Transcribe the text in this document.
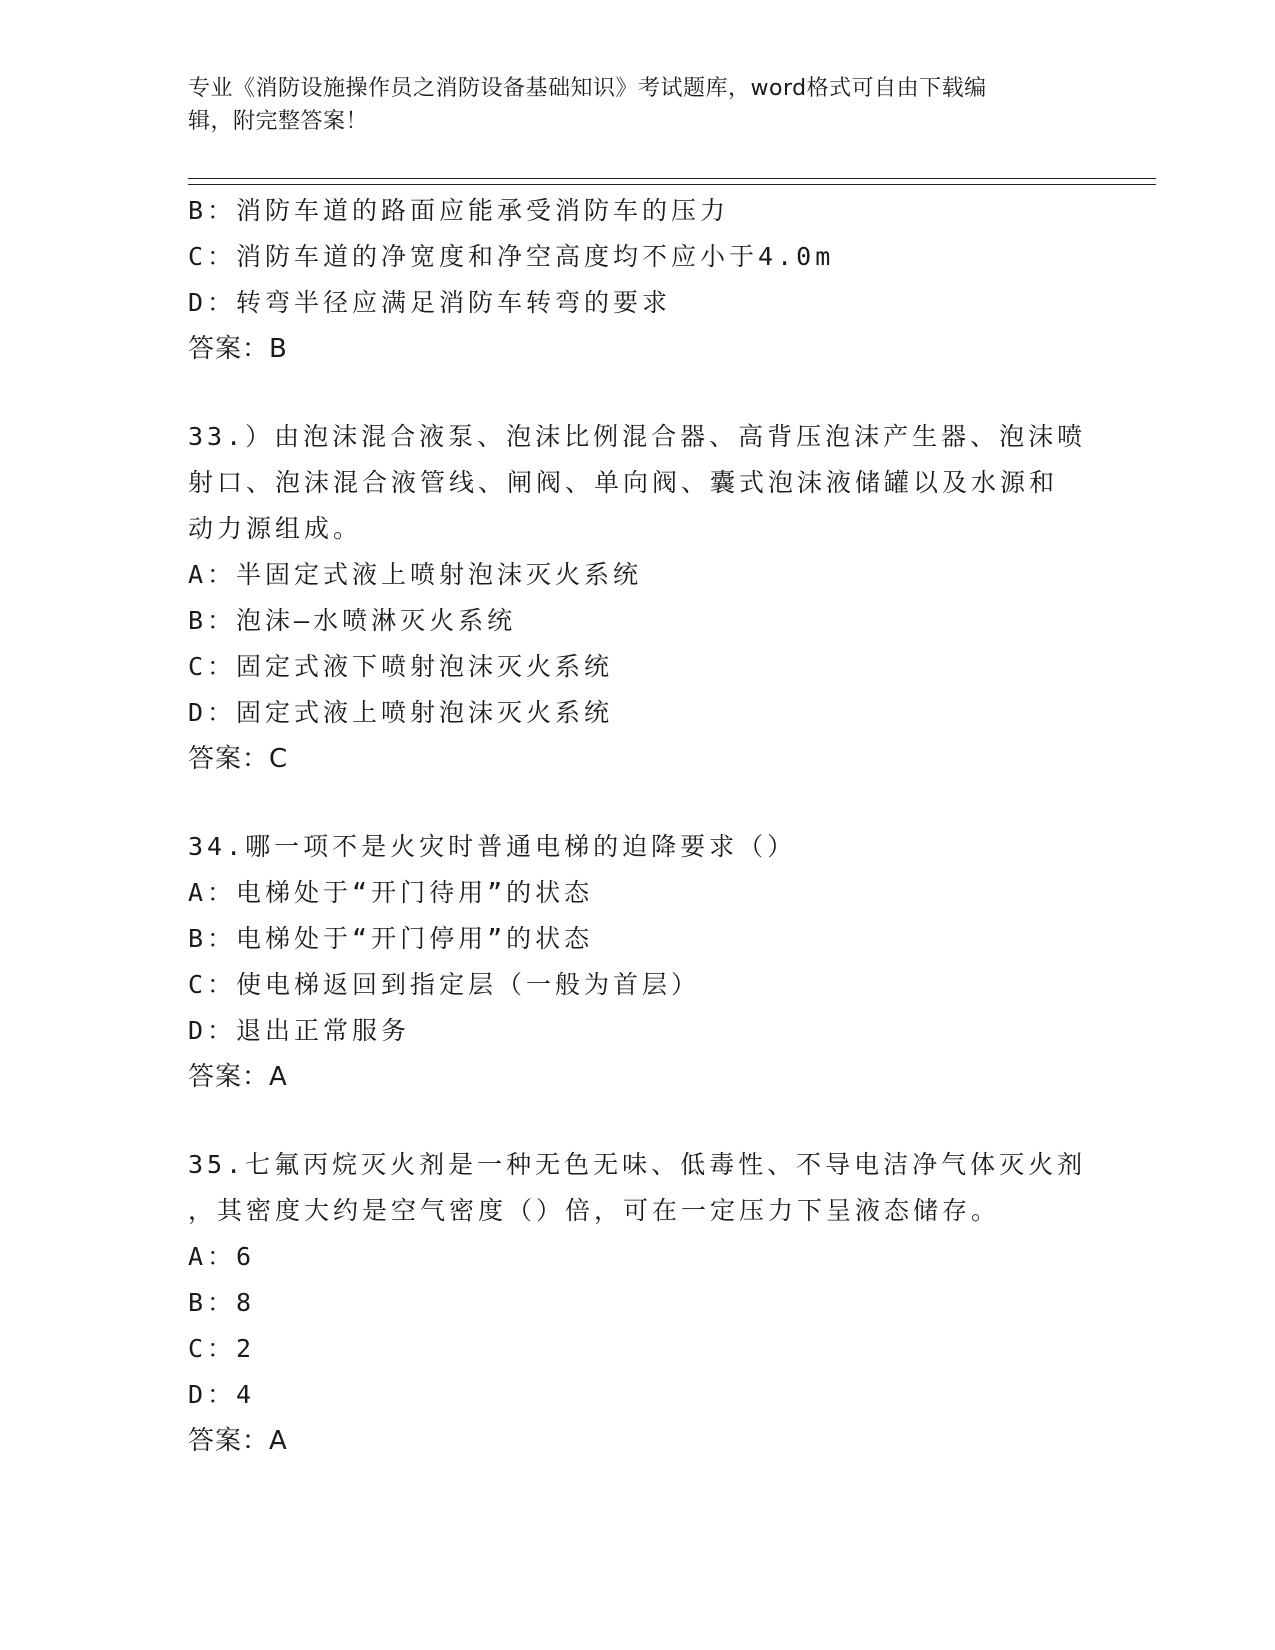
专业《消防设施操作员之消防设备基础知识》考试题库，word格式可自由下载编
辑，附完整答案！
B：消防车道的路面应能承受消防车的压力
C：消防车道的净宽度和净空高度均不应小于4.0m
D：转弯半径应满足消防车转弯的要求
答案：B
33.）由泡沫混合液泵、泡沫比例混合器、高背压泡沫产生器、泡沫喷
射口、泡沫混合液管线、闸阀、单向阀、囊式泡沫液储罐以及水源和
动力源组成。
A：半固定式液上喷射泡沫灭火系统
B：泡沫—水喷淋灭火系统
C：固定式液下喷射泡沫灭火系统
D：固定式液上喷射泡沫灭火系统
答案：C
34.哪一项不是火灾时普通电梯的迫降要求（）
A：电梯处于“开门待用”的状态
B：电梯处于“开门停用”的状态
C：使电梯返回到指定层（一般为首层）
D：退出正常服务
答案：A
35.七氟丙烷灭火剂是一种无色无味、低毒性、不导电洁净气体灭火剂
，其密度大约是空气密度（）倍，可在一定压力下呈液态储存。
A：6
B：8
C：2
D：4
答案：A
